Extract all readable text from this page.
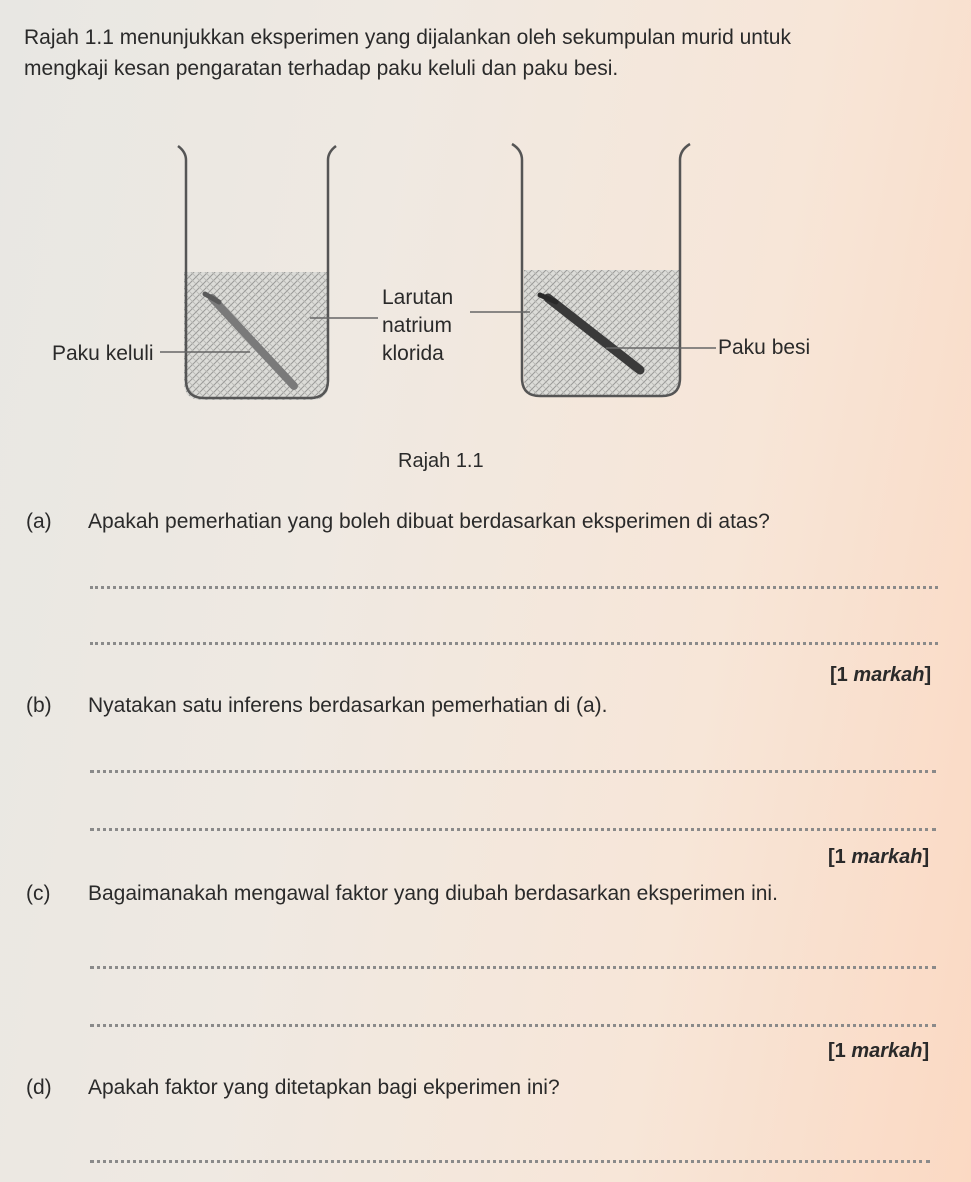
Rajah 1.1 menunjukkan eksperimen yang dijalankan oleh sekumpulan murid untuk
mengkaji kesan pengaratan terhadap paku keluli dan paku besi.
Paku keluli
Larutan
natrium
klorida	Paku besi
Rajah 1.1
(a) Apakah pemerhatian yang boleh dibuat berdasarkan eksperimen di atas?
[1 markah]
(b) Nyatakan satu inferens berdasarkan pemerhatian di (a).
[1 markah]
(c) Bagaimanakah mengawal faktor yang diubah berdasarkan eksperimen ini.
[1 markah]
(d) Apakah faktor yang ditetapkan bagi ekperimen ini?
